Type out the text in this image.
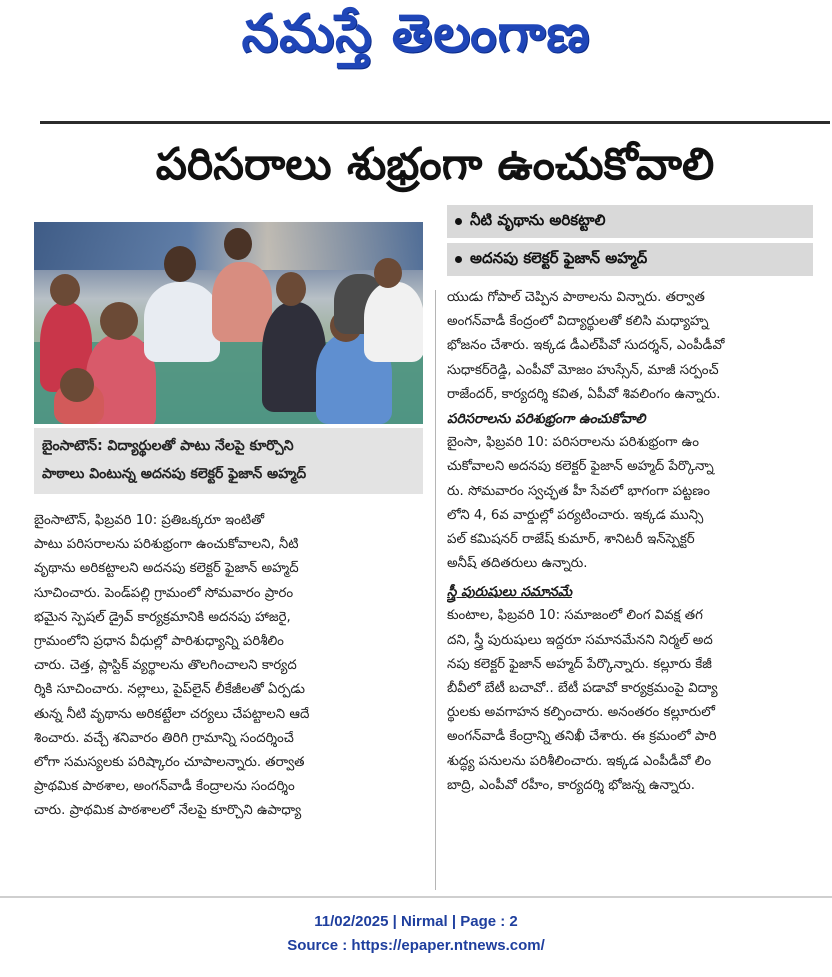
నమస్తే తెలంగాణ
పరిసరాలు శుభ్రంగా ఉంచుకోవాలి
నీటి వృథాను అరికట్టాలి
అదనపు కలెక్టర్ ఫైజాన్ అహ్మద్
బైంసాటౌన్: విద్యార్థులతో పాటు నేలపై కూర్చొని
పాఠాలు వింటున్న అదనపు కలెక్టర్ ఫైజాన్ అహ్మద్
బైంసాటౌన్, ఫిబ్రవరి 10: ప్రతిఒక్కరూ ఇంటితో
పాటు పరిసరాలను పరిశుభ్రంగా ఉంచుకోవాలని, నీటి
వృథాను అరికట్టాలని అదనపు కలెక్టర్ ఫైజాన్ అహ్మద్
సూచించారు. పెండ్‌పల్లి గ్రామంలో సోమవారం ప్రారం
భమైన స్పెషల్ డ్రైవ్ కార్యక్రమానికి అదనపు హాజరై,
గ్రామంలోని ప్రధాన వీధుల్లో పారిశుధ్యాన్ని పరిశీలిం
చారు. చెత్త, ప్లాస్టిక్ వ్యర్థాలను తొలగించాలని కార్యద
ర్శికి సూచించారు. నల్లాలు, పైప్‌లైన్ లీకేజీలతో ఏర్పడు
తున్న నీటి వృథాను అరికట్టేలా చర్యలు చేపట్టాలని ఆదే
శించారు. వచ్చే శనివారం తిరిగి గ్రామాన్ని సందర్శించే
లోగా సమస్యలకు పరిష్కారం చూపాలన్నారు. తర్వాత
ప్రాథమిక పాఠశాల, అంగన్‌వాడీ కేంద్రాలను సందర్శిం
చారు. ప్రాథమిక పాఠశాలలో నేలపై కూర్చొని ఉపాధ్యా
యుడు గోపాల్ చెప్పిన పాఠాలను విన్నారు. తర్వాత
అంగన్‌వాడీ కేంద్రంలో విద్యార్థులతో కలిసి మధ్యాహ్న
భోజనం చేశారు. ఇక్కడ డీఎల్‌పీవో సుదర్శన్, ఎంపీడీవో
సుధాకర్‌రెడ్డి, ఎంపీవో మోజం హుస్సేన్, మాజీ సర్పంచ్
రాజేందర్, కార్యదర్శి కవిత, ఏపీవో శివలింగం ఉన్నారు.
పరిసరాలను పరిశుభ్రంగా ఉంచుకోవాలి
బైంసా, ఫిబ్రవరి 10: పరిసరాలను పరిశుభ్రంగా ఉం
చుకోవాలని అదనపు కలెక్టర్ ఫైజాన్ అహ్మద్ పేర్కొన్నా
రు. సోమవారం స్వచ్ఛత హీ సేవలో భాగంగా పట్టణం
లోని 4, 6వ వార్డుల్లో పర్యటించారు. ఇక్కడ మున్సి
పల్ కమిషనర్ రాజేష్ కుమార్, శానిటరీ ఇన్‌స్పెక్టర్
అనీష్ తదితరులు ఉన్నారు.
స్త్రీ పురుషులు సమానమే
కుంటాల, ఫిబ్రవరి 10: సమాజంలో లింగ వివక్ష తగ
దని, స్త్రీ పురుషులు ఇద్దరూ సమానమేనని నిర్మల్ అద
నపు కలెక్టర్ ఫైజాన్ అహ్మద్ పేర్కొన్నారు. కల్లూరు కేజీ
బీవీలో బేటీ బచావో.. బేటీ పడావో కార్యక్రమంపై విద్యా
ర్థులకు అవగాహన కల్పించారు. అనంతరం కల్లూరులో
అంగన్‌వాడీ కేంద్రాన్ని తనిఖీ చేశారు. ఈ క్రమంలో పారి
శుద్ధ్య పనులను పరిశీలించారు. ఇక్కడ ఎంపీడీవో లిం
బాద్రి, ఎంపీవో రహీం, కార్యదర్శి భోజన్న ఉన్నారు.
11/02/2025 | Nirmal | Page : 2
Source : https://epaper.ntnews.com/
